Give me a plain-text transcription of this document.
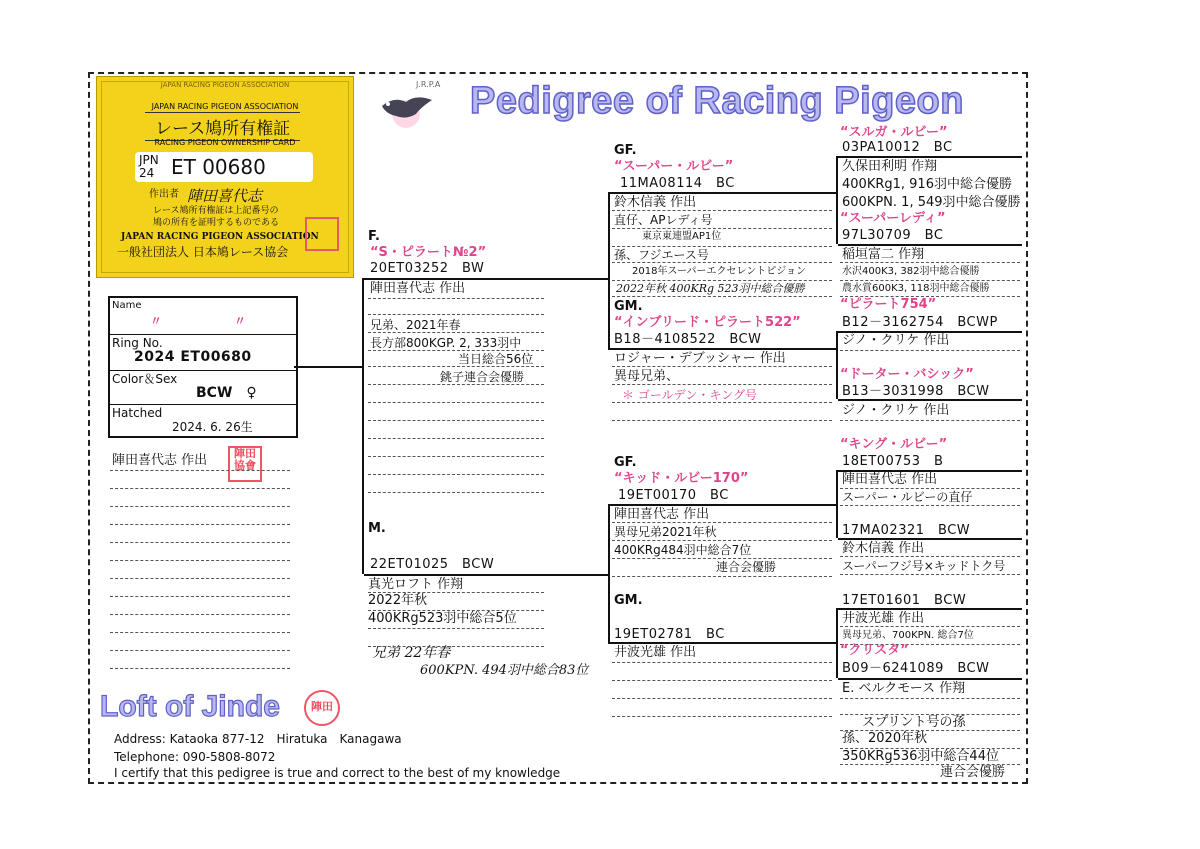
JAPAN RACING PIGEON ASSOCIATION
JAPAN RACING PIGEON ASSOCIATION
レース鳩所有権証
RACING PIGEON OWNERSHIP CARD
JPN
24 ET 00680
作出者 陣田喜代志
レース鳩所有権証は上記番号の
鳩の所有を証明するものである
JAPAN RACING PIGEON ASSOCIATION
一般社団法人 日本鳩レース協会
J.R.P.A Pedigree of Racing Pigeon
Name
〃　　　　　　〃
Ring No.
2024 ET00680
Color＆Sex
BCW　♀
Hatched
2024. 6. 26生
陣田喜代志 作出	陣田 協會
F.
“S・ピラート№2”
20ET03252　BW
陣田喜代志 作出
兄弟、2021年春
長方部800KGP. 2, 333羽中
当日総合56位
銚子連合会優勝
M.
22ET01025　BCW
真光ロフト 作翔
2022年秋
400KRg523羽中総合5位
兄弟 22年春
600KPN. 494羽中総合83位
GF.
“スーパー・ルビー”
11MA08114　BC
鈴木信義 作出
直仔、APレディ号
東京東連盟AP1位
孫、フジエース号
2018年スーパーエクセレントピジョン
2022年秋 400KRg 523羽中総合優勝
GM.
“インブリード・ピラート522”
B18－4108522　BCW
ロジャー・デブッシャー 作出
異母兄弟、
＊ ゴールデン・キング号
GF.
“キッド・ルビー170”
19ET00170　BC
陣田喜代志 作出
異母兄弟2021年秋
400KRg484羽中総合7位
連合会優勝
GM.
19ET02781　BC
井波光雄 作出
“スルガ・ルビー”
03PA10012　BC
久保田利明 作翔
400KRg1, 916羽中総合優勝
600KPN. 1, 549羽中総合優勝
“スーパーレディ”
97L30709　BC
稲垣富二 作翔
水沢400K3, 382羽中総合優勝
農水賞600K3, 118羽中総合優勝
“ピラート754”
B12－3162754　BCWP
ジノ・クリケ 作出
“ドーター・バシック”
B13－3031998　BCW
ジノ・クリケ 作出
“キング・ルビー”
18ET00753　B
陣田喜代志 作出
スーパー・ルビーの直仔
17MA02321　BCW
鈴木信義 作出
スーパーフジ号×キッドトク号
17ET01601　BCW
井波光雄 作出
異母兄弟、700KPN. 総合7位
“クリスタ”
B09－6241089　BCW
E. ベルクモース 作翔
スプリント号の孫
孫、2020年秋
350KRg536羽中総合44位
連合会優勝
Loft of Jinde	陣田
Address: Kataoka 877-12　Hiratuka　Kanagawa
Telephone: 090-5808-8072
I certify that this pedigree is true and correct to the best of my knowledge
